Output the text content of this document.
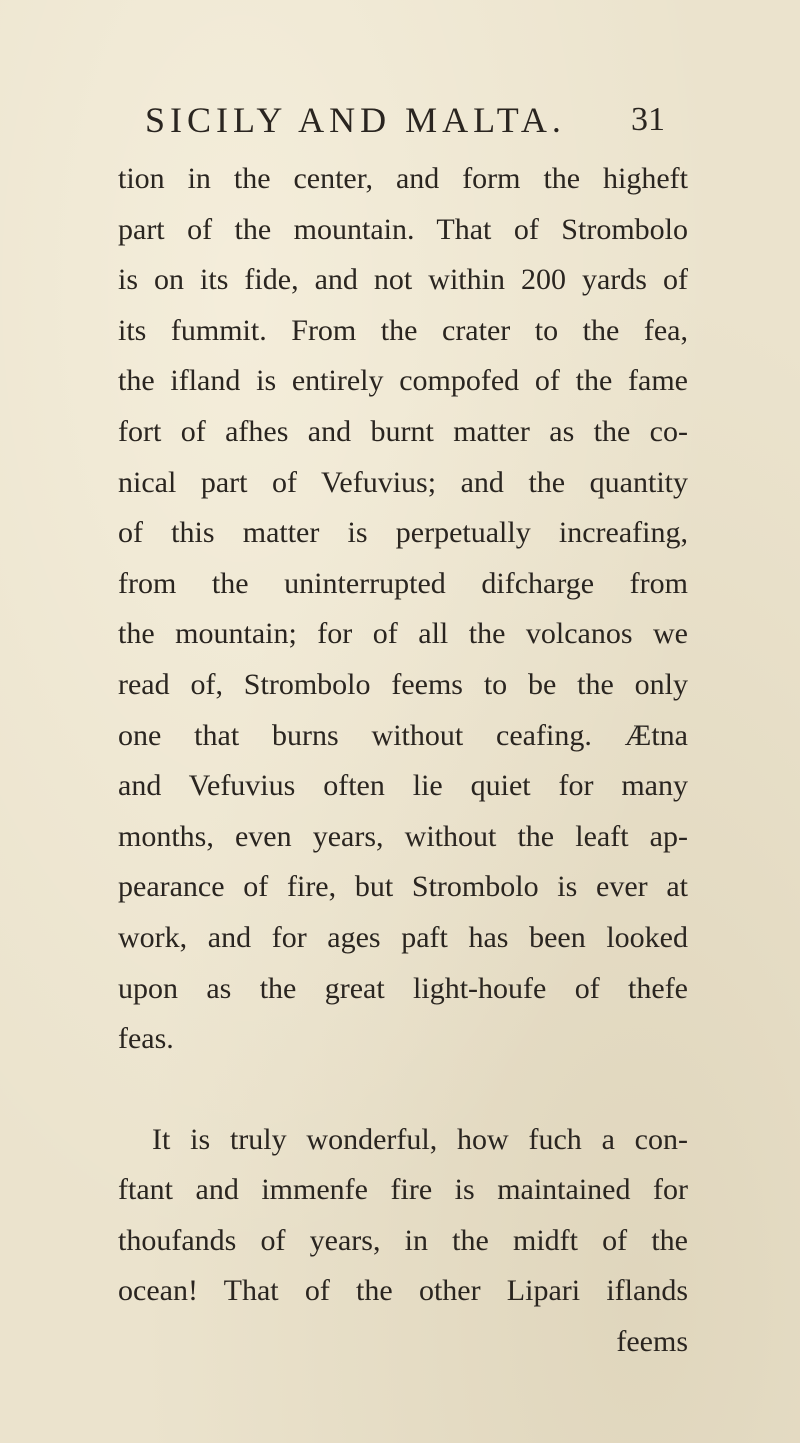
SICILY AND MALTA. 31
tion in the center, and form the higheft
part of the mountain. That of Strombolo
is on its fide, and not within 200 yards of
its fummit. From the crater to the fea,
the ifland is entirely compofed of the fame
fort of afhes and burnt matter as the co-
nical part of Vefuvius; and the quantity
of this matter is perpetually increafing,
from the uninterrupted difcharge from
the mountain; for of all the volcanos we
read of, Strombolo feems to be the only
one that burns without ceafing. Ætna
and Vefuvius often lie quiet for many
months, even years, without the leaft ap-
pearance of fire, but Strombolo is ever at
work, and for ages paft has been looked
upon as the great light-houfe of thefe
feas.
It is truly wonderful, how fuch a con-
ftant and immenfe fire is maintained for
thoufands of years, in the midft of the
ocean! That of the other Lipari iflands
feems
